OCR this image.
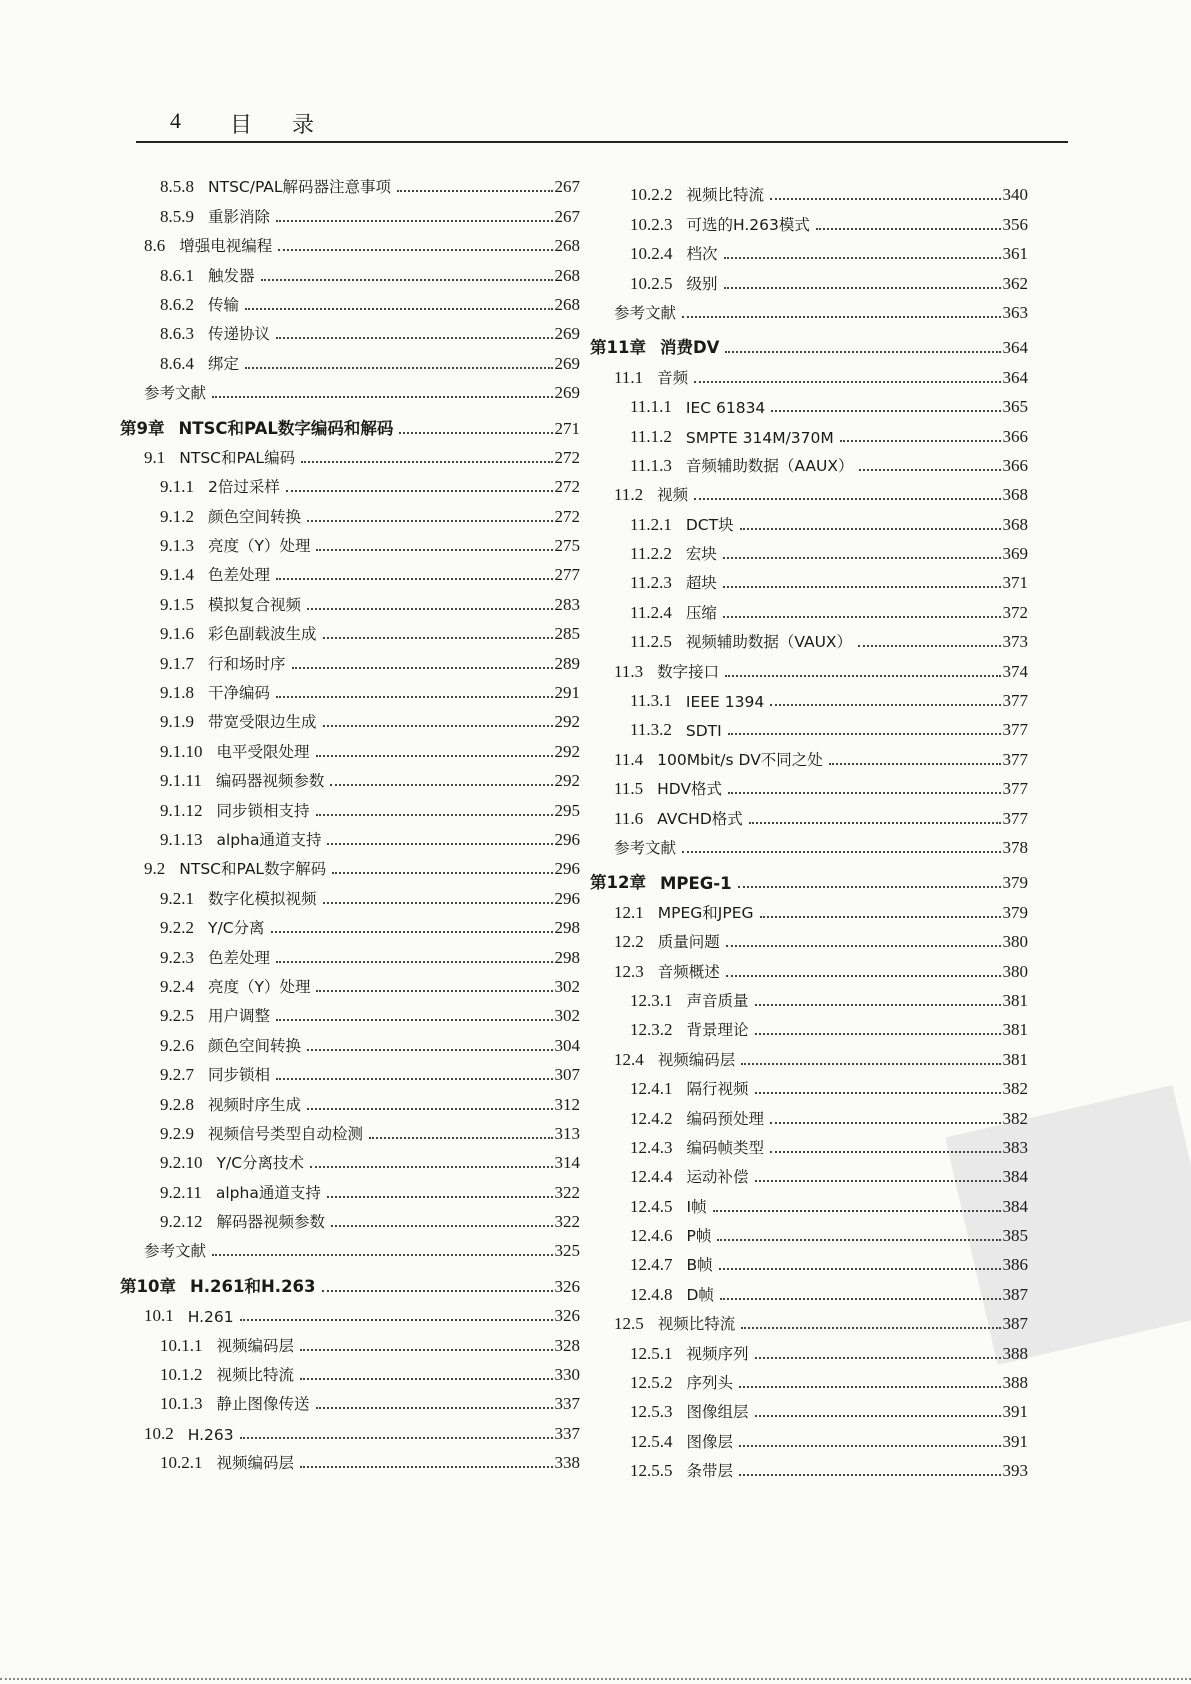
4 目 录
8.5.8 NTSC/PAL解码器注意事项	267
8.5.9 重影消除	267
8.6 增强电视编程	268
8.6.1 触发器	268
8.6.2 传输	268
8.6.3 传递协议	269
8.6.4 绑定	269
参考文献	269
第9章 NTSC和PAL数字编码和解码	271
9.1 NTSC和PAL编码	272
9.1.1 2倍过采样	272
9.1.2 颜色空间转换	272
9.1.3 亮度（Y）处理	275
9.1.4 色差处理	277
9.1.5 模拟复合视频	283
9.1.6 彩色副载波生成	285
9.1.7 行和场时序	289
9.1.8 干净编码	291
9.1.9 带宽受限边生成	292
9.1.10 电平受限处理	292
9.1.11 编码器视频参数	292
9.1.12 同步锁相支持	295
9.1.13 alpha通道支持	296
9.2 NTSC和PAL数字解码	296
9.2.1 数字化模拟视频	296
9.2.2 Y/C分离	298
9.2.3 色差处理	298
9.2.4 亮度（Y）处理	302
9.2.5 用户调整	302
9.2.6 颜色空间转换	304
9.2.7 同步锁相	307
9.2.8 视频时序生成	312
9.2.9 视频信号类型自动检测	313
9.2.10 Y/C分离技术	314
9.2.11 alpha通道支持	322
9.2.12 解码器视频参数	322
参考文献	325
第10章 H.261和H.263	326
10.1 H.261	326
10.1.1 视频编码层	328
10.1.2 视频比特流	330
10.1.3 静止图像传送	337
10.2 H.263	337
10.2.1 视频编码层	338
10.2.2 视频比特流	340
10.2.3 可选的H.263模式	356
10.2.4 档次	361
10.2.5 级别	362
参考文献	363
第11章 消费DV	364
11.1 音频	364
11.1.1 IEC 61834	365
11.1.2 SMPTE 314M/370M	366
11.1.3 音频辅助数据（AAUX）	366
11.2 视频	368
11.2.1 DCT块	368
11.2.2 宏块	369
11.2.3 超块	371
11.2.4 压缩	372
11.2.5 视频辅助数据（VAUX）	373
11.3 数字接口	374
11.3.1 IEEE 1394	377
11.3.2 SDTI	377
11.4 100Mbit/s DV不同之处	377
11.5 HDV格式	377
11.6 AVCHD格式	377
参考文献	378
第12章 MPEG-1	379
12.1 MPEG和JPEG	379
12.2 质量问题	380
12.3 音频概述	380
12.3.1 声音质量	381
12.3.2 背景理论	381
12.4 视频编码层	381
12.4.1 隔行视频	382
12.4.2 编码预处理	382
12.4.3 编码帧类型	383
12.4.4 运动补偿	384
12.4.5 I帧	384
12.4.6 P帧	385
12.4.7 B帧	386
12.4.8 D帧	387
12.5 视频比特流	387
12.5.1 视频序列	388
12.5.2 序列头	388
12.5.3 图像组层	391
12.5.4 图像层	391
12.5.5 条带层	393
